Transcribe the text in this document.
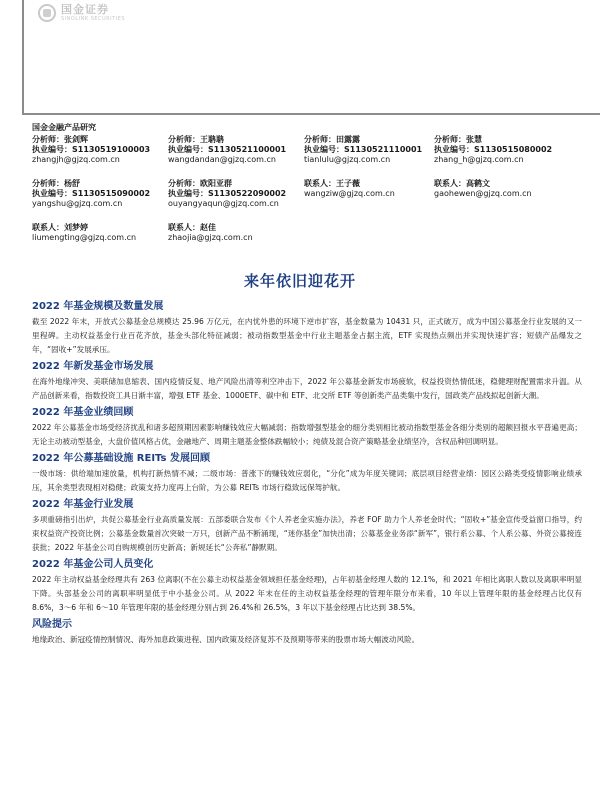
国金证券
SINOLINK SECURITIES
国金金融产品研究
分析师：张剑辉
执业编号：S1130519100003
zhangjh@gjzq.com.cn
分析师：王聃聃
执业编号：S1130521100001
wangdandan@gjzq.com.cn
分析师：田露露
执业编号：S1130521110001
tianlulu@gjzq.com.cn
分析师：张慧
执业编号：S1130515080002
zhang_h@gjzq.com.cn
分析师：杨舒
执业编号：S1130515090002
yangshu@gjzq.com.cn
分析师：欧阳亚群
执业编号：S1130522090002
ouyangyaqun@gjzq.com.cn
联系人：王子薇
wangziw@gjzq.com.cn
联系人：高鹤文
gaohewen@gjzq.com.cn
联系人：刘梦婷
liumengting@gjzq.com.cn
联系人：赵佳
zhaojia@gjzq.com.cn
来年依旧迎花开
2022 年基金规模及数量发展
截至 2022 年末，开放式公募基金总规模达 25.96 万亿元，在内忧外患的环境下逆市扩容，基金数量为 10431 只，正式破万，成为中国公募基金行业发展的又一里程碑。主动权益基金行业百花齐放，基金头部化特征减弱；被动指数型基金中行业主题基金占据主流，ETF 实现热点频出并实现快速扩容；短债产品爆发之年，“固收+”发展承压。
2022 年新发基金市场发展
在海外地缘冲突、美联储加息缩表、国内疫情反复、地产风险出清等利空冲击下，2022 年公募基金新发市场疲软，权益投资热情低迷，稳健理财配置需求升温。从产品创新来看，指数投资工具日渐丰富，增强 ETF 基金、1000ETF、碳中和 ETF、北交所 ETF 等创新类产品类集中发行，国政类产品线拟起创新大潮。
2022 年基金业绩回顾
2022 年公募基金市场受经济扰乱和诸多超预期因素影响赚钱效应大幅减弱；指数增强型基金的细分类别相比被动指数型基金各细分类别的超额回报水平普遍更高；无论主动被动型基金，大盘价值风格占优，金融地产、周期主题基金整体跌幅较小；纯债及混合资产策略基金业绩坚冷，含权品种回调明显。
2022 年公募基础设施 REITs 发展回顾
一级市场：供给端加速放量，机构打新热情不减；二级市场：普涨下的赚钱效应弱化，“分化”成为年度关键词；底层项目经营业绩：园区公路类受疫情影响业绩承压，其余类型表现相对稳健；政策支持力度再上台阶，为公募 REITs 市场行稳致远保驾护航。
2022 年基金行业发展
多项重磅指引出炉，共促公募基金行业高质量发展：五部委联合发布《个人养老金实施办法》，养老 FOF 助力个人养老金时代；“固收+”基金宣传受益窗口指导，约束权益资产投资比例；公募基金数量首次突破一万只，创新产品不断涌现，“迷你基金”加快出清；公募基金业务添“新军”，银行系公募、个人系公募、外资公募接连获批；2022 年基金公司自购规模创历史新高；新规延长“公奔私”静默期。
2022 年基金公司人员变化
2022 年主动权益基金经理共有 263 位离职(不在公募主动权益基金领域担任基金经理)，占年初基金经理人数的 12.1%，和 2021 年相比离职人数以及离职率明显下降。头部基金公司的离职率明显低于中小基金公司。从 2022 年末在任的主动权益基金经理的管理年限分布来看，10 年以上管理年限的基金经理占比仅有 8.6%，3～6 年和 6～10 年管理年限的基金经理分别占到 26.4%和 26.5%，3 年以下基金经理占比达到 38.5%。
风险提示
地缘政治、新冠疫情控制情况、海外加息政策进程、国内政策及经济复苏不及预期等带来的股票市场大幅波动风险。
